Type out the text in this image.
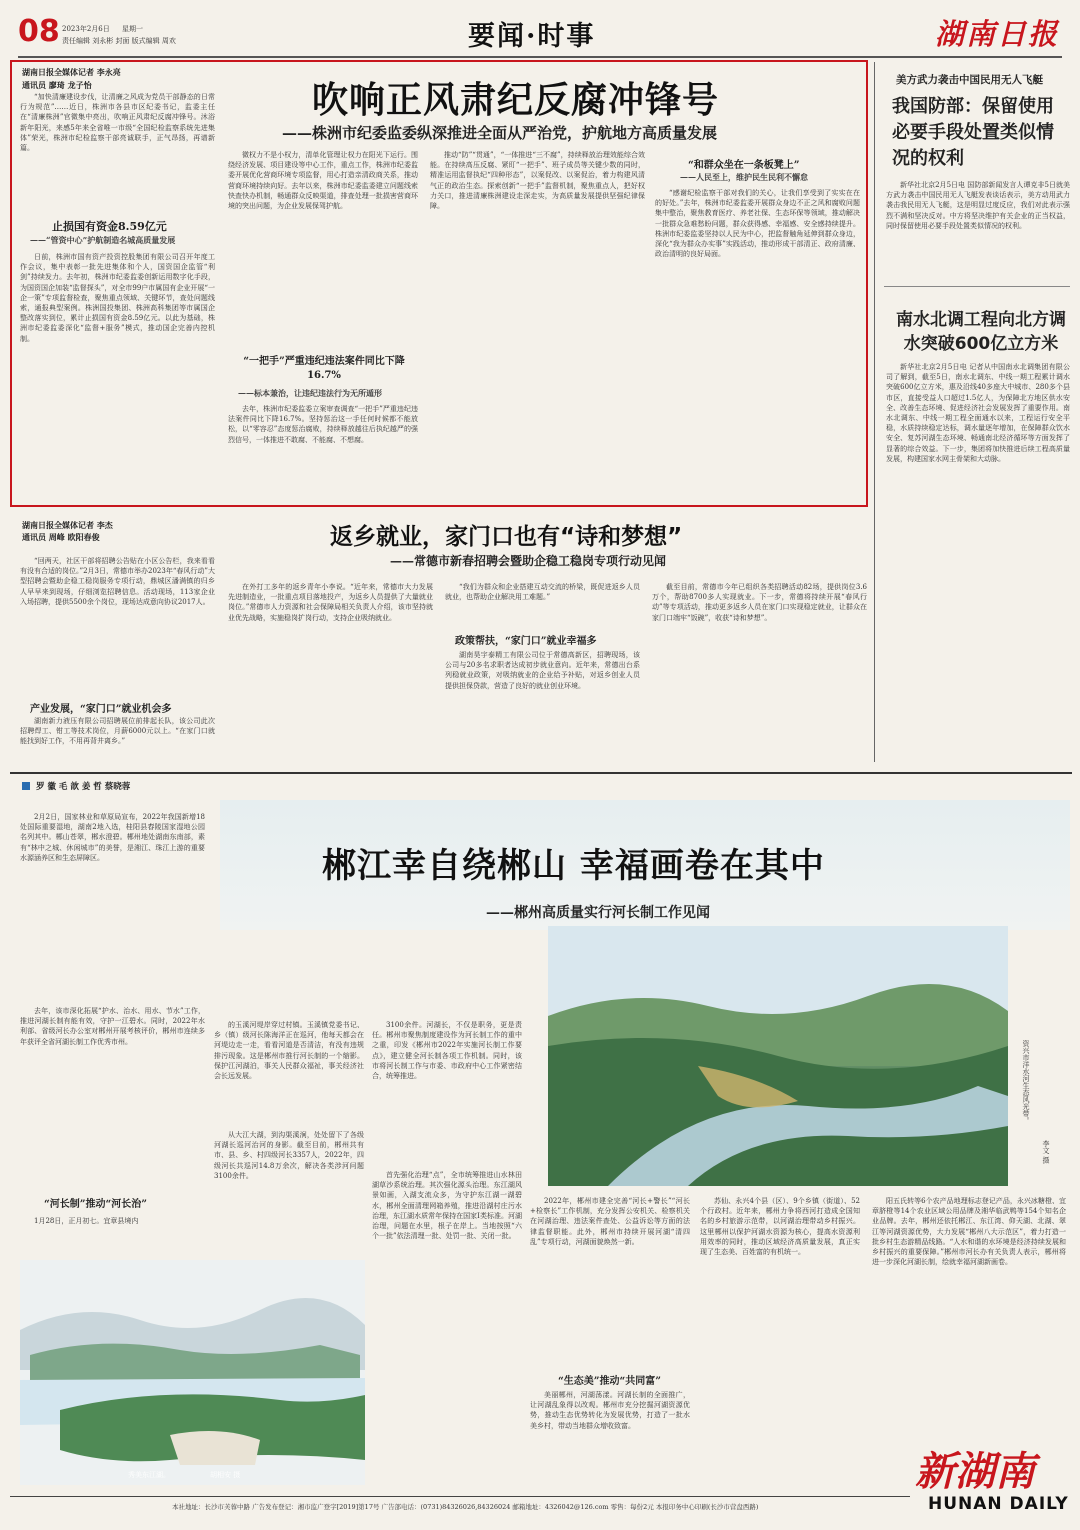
08 2023年2月6日 星期一
责任编辑 刘永彬 封面 版式编辑 周欢	要闻·时事	湖南日报
湖南日报全媒体记者 李永亮
通讯员 廖琦 龙子怡	吹响正风肃纪反腐冲锋号
——株洲市纪委监委纵深推进全面从严治党，护航地方高质量发展

“加快清廉建设步伐，让清廉之风成为党员干部静态的日常行为规范”……近日，株洲市各县市区纪委书记，监委主任在“清廉株洲”官微集中亮出，吹响正风肃纪反腐冲锋号。沐浴新年阳光，来感5年来全省唯一市级“全国纪检监察系统先进集体”荣光，株洲市纪检监察干部亮诚联手，正气昂扬，再谱新篇。

止损国有资金8.59亿元
——“管资中心”护航制造名城高质量发展

日前，株洲市国有资产投资控股集团有限公司召开年度工作会议，集中表彰一批先进集体和个人，国资国企监管“利剑”持续发力。去年初，株洲市纪委监委创新运用数字化手段，为国资国企加装“监督探头”，对全市99户市属国有企业开展“一企一策”专项监督检查，聚焦重点领域、关键环节，查处问题线索，通报典型案例。株洲国投集团、株洲高科集团等市属国企整改落实到位，累计止损国有资金8.59亿元。以此为基础，株洲市纪委监委深化“监督+服务”模式，推动国企完善内控机制。

微权力不是小权力，清单化管理让权力在阳光下运行。围绕经济发展、项目建设等中心工作，重点工作，株洲市纪委监委开展优化营商环境专项监督，用心打造亲清政商关系，推动营商环境持续向好。去年以来，株洲市纪委监委建立问题线索快查快办机制，畅通群众反映渠道，排查处理一批损害营商环境的突出问题，为企业发展保驾护航。

“一把手”严重违纪违法案件同比下降16.7%
——标本兼治，让违纪违法行为无所遁形

去年，株洲市纪委监委立案审查调查“一把手”严重违纪违法案件同比下降16.7%。坚持惩治这一手任何时候都不能放松，以“零容忍”态度惩治腐败，持续释放越往后执纪越严的强烈信号，一体推进不敢腐、不能腐、不想腐。

推动“防”“贯通”，“一体推进“三不腐”，持续释放治理效能综合效能。在持续高压反腐、紧盯“一把手”、班子成员等关键少数的同时，精准运用监督执纪“四种形态”，以案促改、以案促治，着力构建风清气正的政治生态。探索创新“一把手”监督机制，聚焦重点人，把好权力关口，推进清廉株洲建设走深走实，为高质量发展提供坚强纪律保障。

“和群众坐在一条板凳上”
——人民至上，维护民生民利不懈怠

“感谢纪检监察干部对我们的关心，让我们享受到了实实在在的好处。”去年，株洲市纪委监委开展群众身边不正之风和腐败问题集中整治，聚焦教育医疗、养老社保、生态环保等领域，推动解决一批群众急难愁盼问题，群众获得感、幸福感、安全感持续提升。株洲市纪委监委坚持以人民为中心，把监督触角延伸到群众身边，深化“我为群众办实事”实践活动，推动形成干部清正、政府清廉、政治清明的良好局面。

美方武力袭击中国民用无人飞艇
我国防部：保留使用必要手段处置类似情况的权利

新华社北京2月5日电 国防部新闻发言人谭克非5日就美方武力袭击中国民用无人飞艇发表谈话表示，美方动用武力袭击我民用无人飞艇，这是明显过度反应，我们对此表示强烈不满和坚决反对。中方将坚决维护有关企业的正当权益，同时保留使用必要手段处置类似情况的权利。

南水北调工程向北方调水突破600亿立方米

新华社北京2月5日电 记者从中国南水北调集团有限公司了解到，截至5日，南水北调东、中线一期工程累计调水突破600亿立方米，惠及沿线40多座大中城市、280多个县市区，直接受益人口超过1.5亿人，为保障北方地区供水安全、改善生态环境、促进经济社会发展发挥了重要作用。南水北调东、中线一期工程全面通水以来，工程运行安全平稳，水质持续稳定达标，调水量逐年增加，在保障群众饮水安全、复苏河湖生态环境、畅通南北经济循环等方面发挥了显著的综合效益。下一步，集团将加快推进后续工程高质量发展，构建国家水网主骨架和大动脉。

湖南日报全媒体记者 李杰
通讯员 周峰 欧阳春俊	返乡就业，家门口也有“诗和梦想”
——常德市新春招聘会暨助企稳工稳岗专项行动见闻

“回两天，社区干部将招聘公告贴在小区公告栏，我来看看有没有合适的岗位。”2月3日，常德市举办2023年“春风行动”大型招聘会暨助企稳工稳岗服务专项行动，鼎城区潘满镇的归乡人早早来到现场，仔细浏览招聘信息。活动现场，113家企业入场招聘，提供5500余个岗位，现场达成意向协议2017人。

产业发展，“家门口”就业机会多

湖南新力液压有限公司招聘展位前排起长队，该公司此次招聘焊工、钳工等技术岗位，月薪6000元以上。“在家门口就能找到好工作，不用再背井离乡。”

在外打工多年的返乡青年小李说。“近年来，常德市大力发展先进制造业，一批重点项目落地投产，为返乡人员提供了大量就业岗位。”常德市人力资源和社会保障局相关负责人介绍，该市坚持就业优先战略，实施稳岗扩岗行动，支持企业吸纳就业。

“我们为群众和企业搭建互动交流的桥梁，既促进返乡人员就业，也帮助企业解决用工难题。”

政策帮扶，“家门口”就业幸福多

湖南昊宇泰精工有限公司位于常德高新区，招聘现场，该公司与20多名求职者达成初步就业意向。近年来，常德出台系列稳就业政策，对吸纳就业的企业给予补贴，对返乡创业人员提供担保贷款，营造了良好的就业创业环境。

截至目前，常德市今年已组织各类招聘活动82场，提供岗位3.6万个，帮助8700多人实现就业。下一步，常德将持续开展“春风行动”等专项活动，推动更多返乡人员在家门口实现稳定就业，让群众在家门口端牢“饭碗”，收获“诗和梦想”。

罗 徽 毛 歆 姜 哲 蔡晓蓉
郴江幸自绕郴山 幸福画卷在其中
——郴州高质量实行河长制工作见闻

2月2日，国家林业和草原局宣布，2022年我国新增18处国际重要湿地，湖南2地入选，桂阳县舂陵国家湿地公园名列其中。郴山苍翠，郴水澄碧。郴州地处湖南东南部，素有“林中之城、休闲城市”的美誉，是湘江、珠江上游的重要水源涵养区和生态屏障区。

去年，该市深化拓展“护水、治水、用水、节水”工作，推进河湖长制有能有效，守护一江碧水。同时，2022年水利部、省级河长办公室对郴州开展考核评价，郴州市连续多年获评全省河湖长制工作优秀市州。

“河长制”推动“河长治”

1月28日，正月初七。宜章县境内

的玉溪河堤岸穿过村镇。玉溪镇党委书记、乡（镇）级河长陈海洋正在巡河，他每天都会在河堤边走一走，看看河道是否清洁，有没有违规排污现象。这是郴州市推行河长制的一个缩影。保护江河湖泊，事关人民群众福祉，事关经济社会长远发展。

从大江大湖，到沟渠溪涧，处处留下了各级河湖长巡河治河的身影。截至目前，郴州共有市、县、乡、村四级河长3357人，2022年，四级河长共巡河14.8万余次，解决各类涉河问题3100余件。

3100余件。河湖长，不仅是职务，更是责任。郴州市聚焦制度建设作为河长制工作的重中之重，印发《郴州市2022年实施河长制工作要点》，建立健全河长制各项工作机制。同时，该市将河长制工作与市委、市政府中心工作紧密结合，统筹推进。

首先强化治理“点”，全市统筹推进山水林田湖草沙系统治理。其次强化源头治理。东江湖风景如画，入湖支流众多，为守护东江湖一湖碧水，郴州全面清理网箱养殖，推进沿湖村庄污水治理，东江湖水质常年保持在国家Ⅰ类标准。河湖治理，问题在水里，根子在岸上。当地按照“六个一批”依法清理一批、处罚一批、关闭一批。

资兴市洋水河生态风光带。
李文 摄

2022年，郴州市建全完善“河长+警长”“河长+检察长”工作机制，充分发挥公安机关、检察机关在河湖治理、违法案件查处、公益诉讼等方面的法律监督职能。此外，郴州市持续开展河湖“清四乱”专项行动，河湖面貌焕然一新。

“生态美”推动“共同富”

美丽郴州，河湖荡漾。河湖长制的全面推广，让河湖乱象得以改观。郴州市充分挖掘河湖资源优势，推动生态优势转化为发展优势，打造了一批水美乡村，带动当地群众增收致富。

苏仙、永兴4个县（区）、9个乡镇（街道）、52个行政村。近年来，郴州力争将西河打造成全国知名的乡村旅游示范带，以河湖治理带动乡村振兴。这里郴州以保护河湖水资源为核心，提高水资源利用效率的同时，推动区域经济高质量发展，真正实现了生态美、百姓富的有机统一。

阳五氏转等6个农产品地理标志登记产品，永兴冰糖橙、宜章脐橙等14个农业区域公用品牌及湘华临武鸭等154个知名企业品牌。去年，郴州还依托郴江、东江湾、仰天湖、北湖、翠江等河湖资源优势，大力发展“郴州八大示范区”，着力打造一批乡村生态游精品线路。“人水和谐的水环境是经济持续发展和乡村振兴的重要保障。”郴州市河长办有关负责人表示，郴州将进一步深化河湖长制，绘就幸福河湖新画卷。

秀美东江湖。	胡相安 摄	新湖南
HUNAN DAILY
本社地址：长沙市芙蓉中路 广告发布登记：湘市监广登字[2019]第17号 广告部电话：(0731)84326026,84326024 邮箱地址：4326042@126.com 零售：每份2元 本报印务中心印刷(长沙市营盘西路)
